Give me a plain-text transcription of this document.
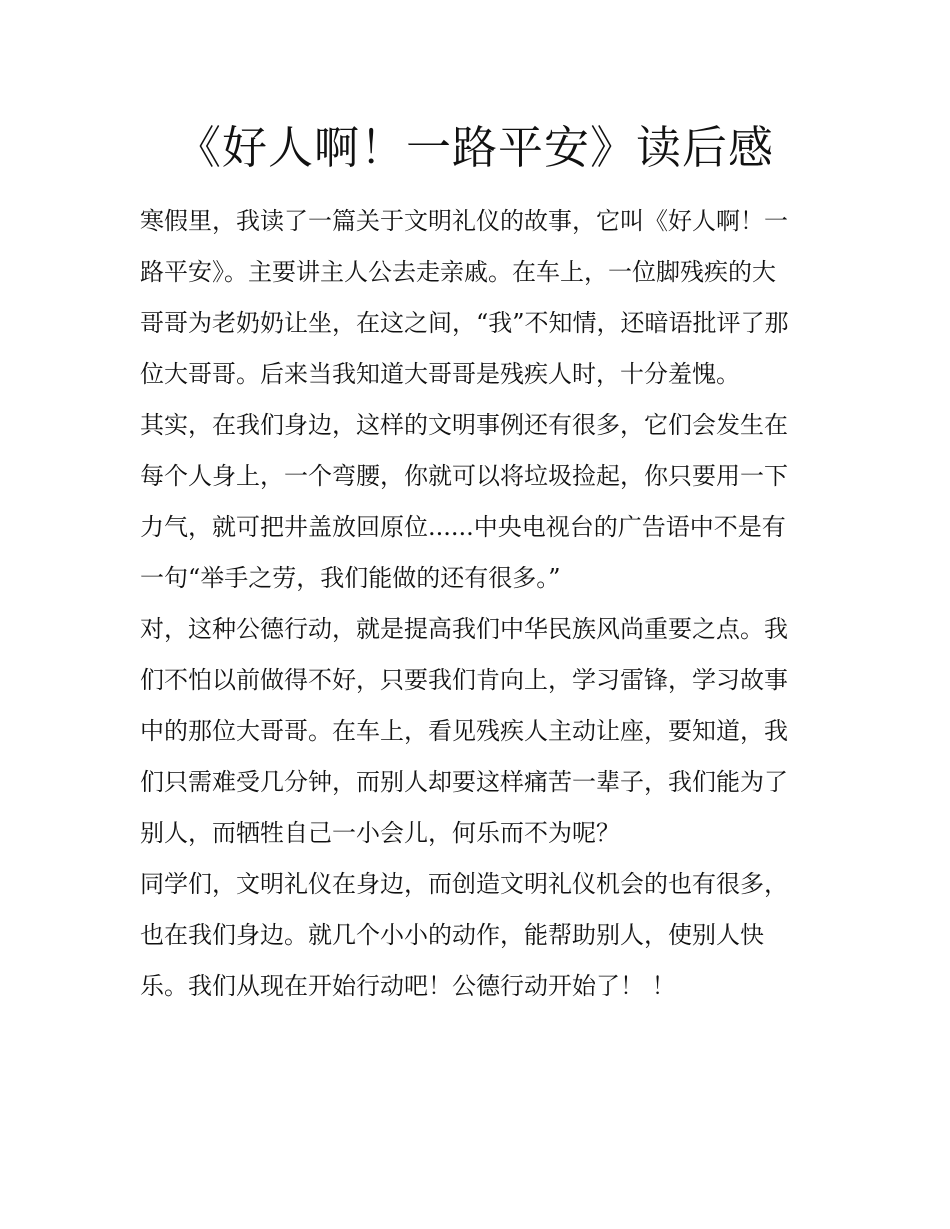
《好人啊！一路平安》读后感
寒假里，我读了一篇关于文明礼仪的故事，它叫《好人啊！一
路平安》。主要讲主人公去走亲戚。在车上，一位脚残疾的大
哥哥为老奶奶让坐，在这之间，“我”不知情，还暗语批评了那
位大哥哥。后来当我知道大哥哥是残疾人时，十分羞愧。
其实，在我们身边，这样的文明事例还有很多，它们会发生在
每个人身上，一个弯腰，你就可以将垃圾捡起，你只要用一下
力气，就可把井盖放回原位......中央电视台的广告语中不是有
一句“举手之劳，我们能做的还有很多。”
对，这种公德行动，就是提高我们中华民族风尚重要之点。我
们不怕以前做得不好，只要我们肯向上，学习雷锋，学习故事
中的那位大哥哥。在车上，看见残疾人主动让座，要知道，我
们只需难受几分钟，而别人却要这样痛苦一辈子，我们能为了
别人，而牺牲自己一小会儿，何乐而不为呢？
同学们，文明礼仪在身边，而创造文明礼仪机会的也有很多，
也在我们身边。就几个小小的动作，能帮助别人，使别人快
乐。我们从现在开始行动吧！公德行动开始了！ ！
